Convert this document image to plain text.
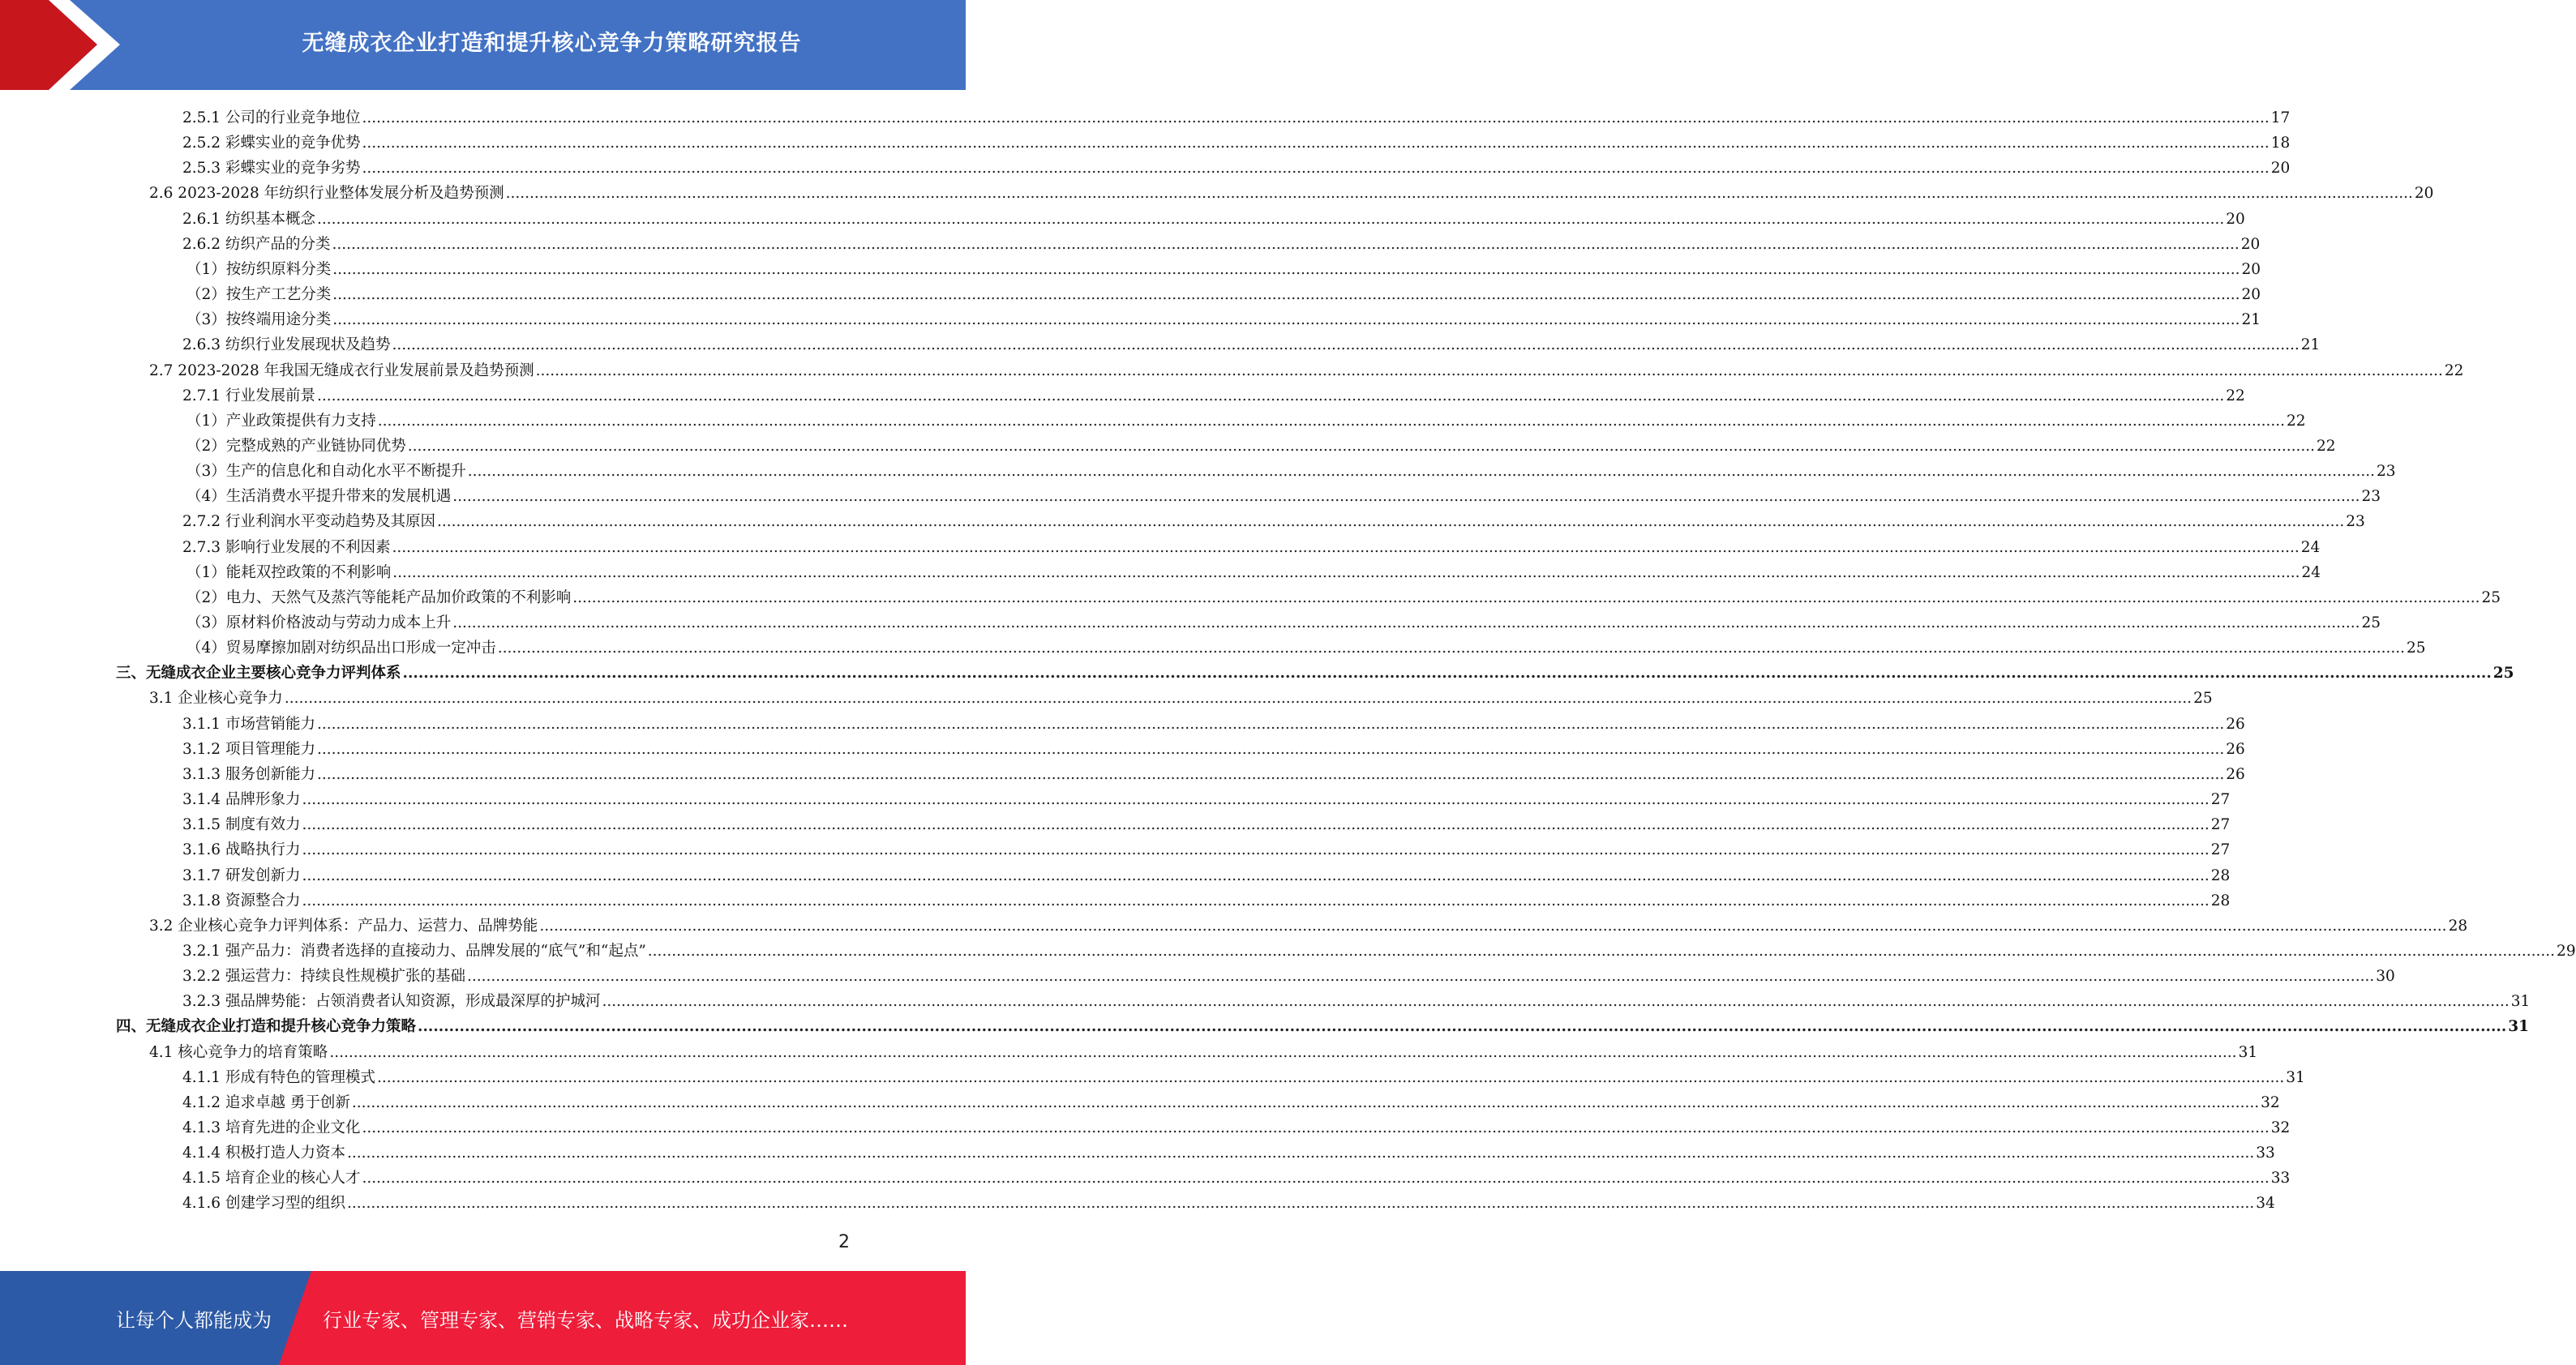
无缝成衣企业打造和提升核心竞争力策略研究报告
2.5.1 公司的行业竞争地位 ................................................................................................................................................................................................................................................................................................................................................................................................................ 17
2.5.2 彩蝶实业的竞争优势 ................................................................................................................................................................................................................................................................................................................................................................................................................ 18
2.5.3 彩蝶实业的竞争劣势 ................................................................................................................................................................................................................................................................................................................................................................................................................ 20
2.6 2023-2028 年纺织行业整体发展分析及趋势预测 ................................................................................................................................................................................................................................................................................................................................................................................................................ 20
2.6.1 纺织基本概念 ................................................................................................................................................................................................................................................................................................................................................................................................................ 20
2.6.2 纺织产品的分类 ................................................................................................................................................................................................................................................................................................................................................................................................................ 20
（1）按纺织原料分类 ................................................................................................................................................................................................................................................................................................................................................................................................................ 20
（2）按生产工艺分类 ................................................................................................................................................................................................................................................................................................................................................................................................................ 20
（3）按终端用途分类 ................................................................................................................................................................................................................................................................................................................................................................................................................ 21
2.6.3 纺织行业发展现状及趋势 ................................................................................................................................................................................................................................................................................................................................................................................................................ 21
2.7 2023-2028 年我国无缝成衣行业发展前景及趋势预测 ................................................................................................................................................................................................................................................................................................................................................................................................................ 22
2.7.1 行业发展前景 ................................................................................................................................................................................................................................................................................................................................................................................................................ 22
（1）产业政策提供有力支持 ................................................................................................................................................................................................................................................................................................................................................................................................................ 22
（2）完整成熟的产业链协同优势 ................................................................................................................................................................................................................................................................................................................................................................................................................ 22
（3）生产的信息化和自动化水平不断提升 ................................................................................................................................................................................................................................................................................................................................................................................................................ 23
（4）生活消费水平提升带来的发展机遇 ................................................................................................................................................................................................................................................................................................................................................................................................................ 23
2.7.2 行业利润水平变动趋势及其原因 ................................................................................................................................................................................................................................................................................................................................................................................................................ 23
2.7.3 影响行业发展的不利因素 ................................................................................................................................................................................................................................................................................................................................................................................................................ 24
（1）能耗双控政策的不利影响 ................................................................................................................................................................................................................................................................................................................................................................................................................ 24
（2）电力、天然气及蒸汽等能耗产品加价政策的不利影响 ................................................................................................................................................................................................................................................................................................................................................................................................................ 25
（3）原材料价格波动与劳动力成本上升 ................................................................................................................................................................................................................................................................................................................................................................................................................ 25
（4）贸易摩擦加剧对纺织品出口形成一定冲击 ................................................................................................................................................................................................................................................................................................................................................................................................................ 25
三、无缝成衣企业主要核心竞争力评判体系 ................................................................................................................................................................................................................................................................................................................................................................................................................ 25
3.1 企业核心竞争力 ................................................................................................................................................................................................................................................................................................................................................................................................................ 25
3.1.1 市场营销能力 ................................................................................................................................................................................................................................................................................................................................................................................................................ 26
3.1.2 项目管理能力 ................................................................................................................................................................................................................................................................................................................................................................................................................ 26
3.1.3 服务创新能力 ................................................................................................................................................................................................................................................................................................................................................................................................................ 26
3.1.4 品牌形象力 ................................................................................................................................................................................................................................................................................................................................................................................................................ 27
3.1.5 制度有效力 ................................................................................................................................................................................................................................................................................................................................................................................................................ 27
3.1.6 战略执行力 ................................................................................................................................................................................................................................................................................................................................................................................................................ 27
3.1.7 研发创新力 ................................................................................................................................................................................................................................................................................................................................................................................................................ 28
3.1.8 资源整合力 ................................................................................................................................................................................................................................................................................................................................................................................................................ 28
3.2 企业核心竞争力评判体系：产品力、运营力、品牌势能 ................................................................................................................................................................................................................................................................................................................................................................................................................ 28
3.2.1 强产品力：消费者选择的直接动力、品牌发展的“底气”和“起点” ................................................................................................................................................................................................................................................................................................................................................................................................................ 29
3.2.2 强运营力：持续良性规模扩张的基础 ................................................................................................................................................................................................................................................................................................................................................................................................................ 30
3.2.3 强品牌势能：占领消费者认知资源，形成最深厚的护城河 ................................................................................................................................................................................................................................................................................................................................................................................................................ 31
四、无缝成衣企业打造和提升核心竞争力策略 ................................................................................................................................................................................................................................................................................................................................................................................................................ 31
4.1 核心竞争力的培育策略 ................................................................................................................................................................................................................................................................................................................................................................................................................ 31
4.1.1 形成有特色的管理模式 ................................................................................................................................................................................................................................................................................................................................................................................................................ 31
4.1.2 追求卓越 勇于创新 ................................................................................................................................................................................................................................................................................................................................................................................................................ 32
4.1.3 培育先进的企业文化 ................................................................................................................................................................................................................................................................................................................................................................................................................ 32
4.1.4 积极打造人力资本 ................................................................................................................................................................................................................................................................................................................................................................................................................ 33
4.1.5 培育企业的核心人才 ................................................................................................................................................................................................................................................................................................................................................................................................................ 33
4.1.6 创建学习型的组织 ................................................................................................................................................................................................................................................................................................................................................................................................................ 34
2
让每个人都能成为	行业专家、管理专家、营销专家、战略专家、成功企业家……
